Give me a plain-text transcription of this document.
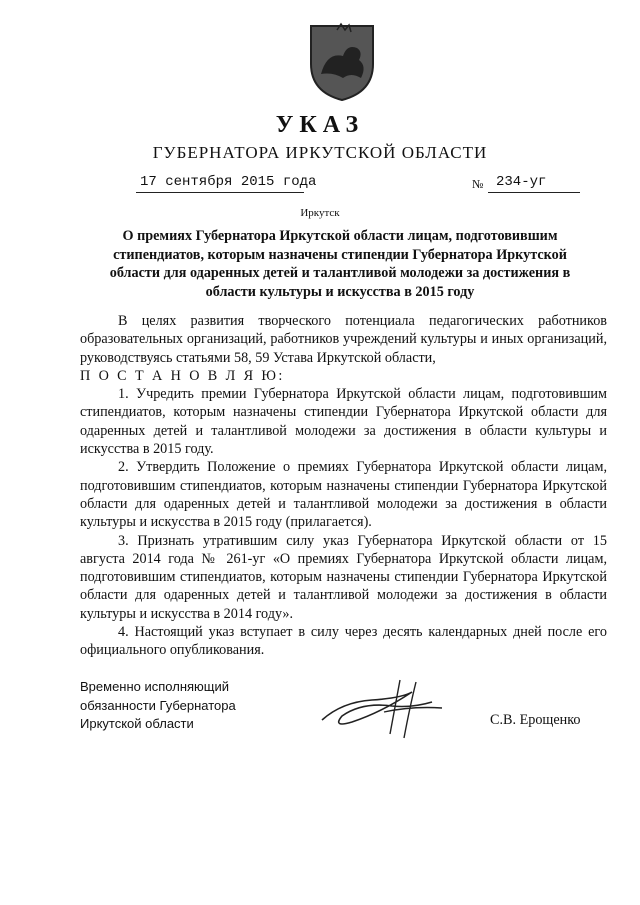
УКАЗ
ГУБЕРНАТОРА ИРКУТСКОЙ ОБЛАСТИ
17 сентября 2015 года	№ 234-уг
Иркутск
О премиях Губернатора Иркутской области лицам, подготовившим
стипендиатов, которым назначены стипендии Губернатора Иркутской
области для одаренных детей и талантливой молодежи за достижения в
области культуры и искусства в 2015 году

В целях развития творческого потенциала педагогических работников образовательных организаций, работников учреждений культуры и иных организаций, руководствуясь статьями 58, 59 Устава Иркутской области,

П О С Т А Н О В Л Я Ю:

1. Учредить премии Губернатора Иркутской области лицам, подготовившим стипендиатов, которым назначены стипендии Губернатора Иркутской области для одаренных детей и талантливой молодежи за достижения в области культуры и искусства в 2015 году.

2. Утвердить Положение о премиях Губернатора Иркутской области лицам, подготовившим стипендиатов, которым назначены стипендии Губернатора Иркутской области для одаренных детей и талантливой молодежи за достижения в области культуры и искусства в 2015 году (прилагается).

3. Признать утратившим силу указ Губернатора Иркутской области от 15 августа 2014 года № 261-уг «О премиях Губернатора Иркутской области лицам, подготовившим стипендиатов, которым назначены стипендии Губернатора Иркутской области для одаренных детей и талантливой молодежи за достижения в области культуры и искусства в 2014 году».

4. Настоящий указ вступает в силу через десять календарных дней после его официального опубликования.

Временно исполняющий
обязанности Губернатора
Иркутской области	С.В. Ерощенко
